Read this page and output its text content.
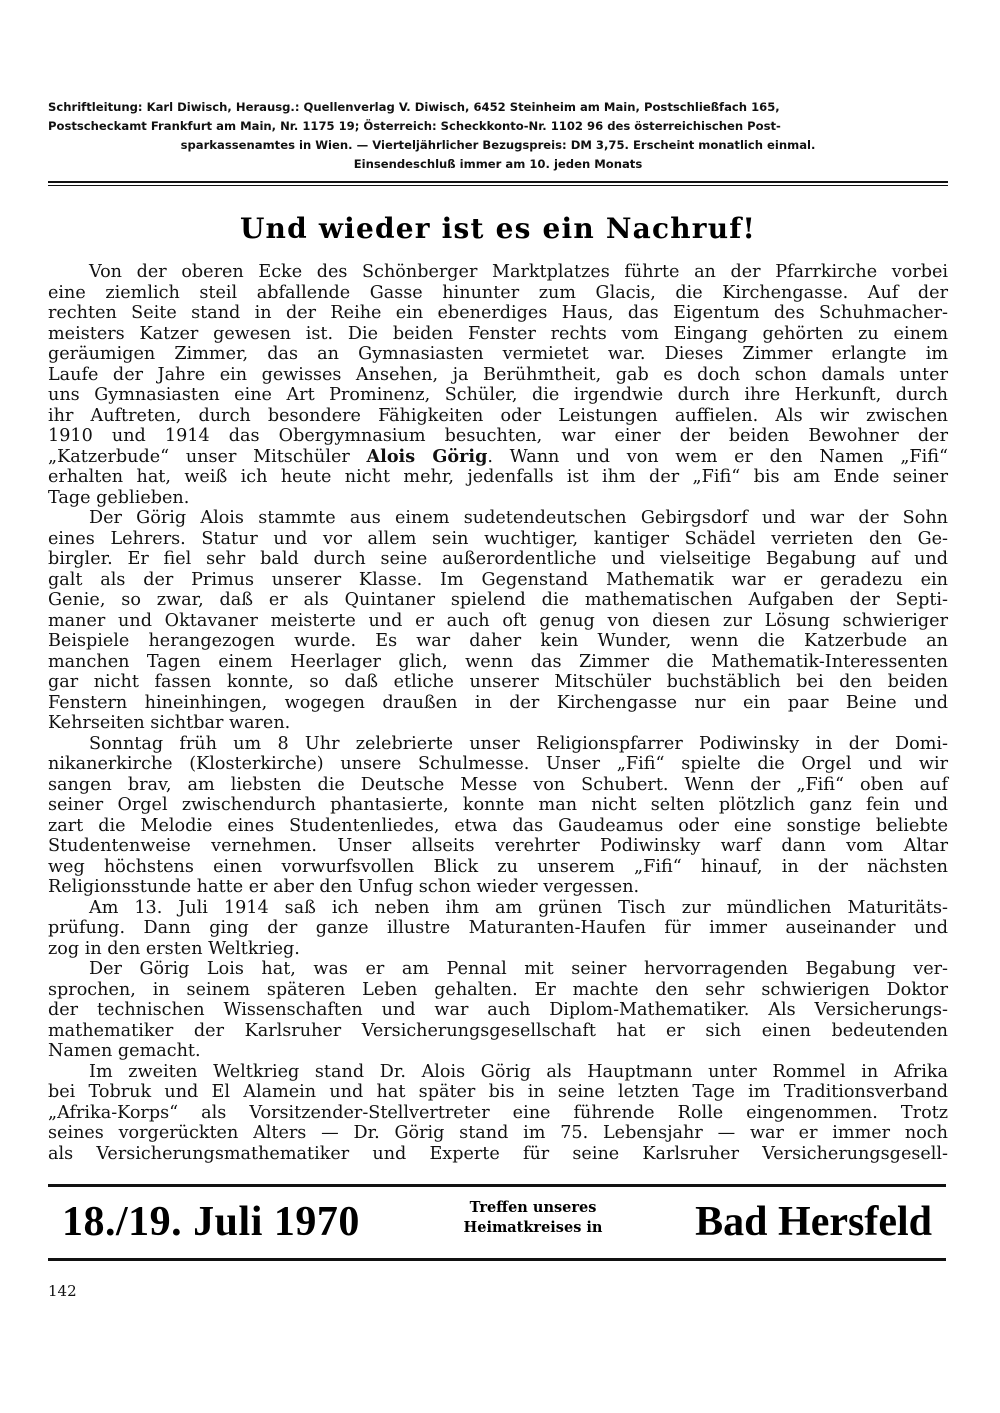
Schriftleitung: Karl Diwisch, Herausg.: Quellenverlag V. Diwisch, 6452 Steinheim am Main, Postschließfach 165,
Postscheckamt Frankfurt am Main, Nr. 1175 19; Österreich: Scheckkonto-Nr. 1102 96 des österreichischen Post-
sparkassenamtes in Wien. — Vierteljährlicher Bezugspreis: DM 3,75. Erscheint monatlich einmal.
Einsendeschluß immer am 10. jeden Monats
Und wieder ist es ein Nachruf!

Von der oberen Ecke des Schönberger Marktplatzes führte an der Pfarrkirche vorbei
eine ziemlich steil abfallende Gasse hinunter zum Glacis, die Kirchengasse. Auf der
rechten Seite stand in der Reihe ein ebenerdiges Haus, das Eigentum des Schuhmacher-
meisters Katzer gewesen ist. Die beiden Fenster rechts vom Eingang gehörten zu einem
geräumigen Zimmer, das an Gymnasiasten vermietet war. Dieses Zimmer erlangte im
Laufe der Jahre ein gewisses Ansehen, ja Berühmtheit, gab es doch schon damals unter
uns Gymnasiasten eine Art Prominenz, Schüler, die irgendwie durch ihre Herkunft, durch
ihr Auftreten, durch besondere Fähigkeiten oder Leistungen auffielen. Als wir zwischen
1910 und 1914 das Obergymnasium besuchten, war einer der beiden Bewohner der
„Katzerbude“ unser Mitschüler Alois Görig. Wann und von wem er den Namen „Fifi“
erhalten hat, weiß ich heute nicht mehr, jedenfalls ist ihm der „Fifi“ bis am Ende seiner
Tage geblieben.

Der Görig Alois stammte aus einem sudetendeutschen Gebirgsdorf und war der Sohn
eines Lehrers. Statur und vor allem sein wuchtiger, kantiger Schädel verrieten den Ge-
birgler. Er fiel sehr bald durch seine außerordentliche und vielseitige Begabung auf und
galt als der Primus unserer Klasse. Im Gegenstand Mathematik war er geradezu ein
Genie, so zwar, daß er als Quintaner spielend die mathematischen Aufgaben der Septi-
maner und Oktavaner meisterte und er auch oft genug von diesen zur Lösung schwieriger
Beispiele herangezogen wurde. Es war daher kein Wunder, wenn die Katzerbude an
manchen Tagen einem Heerlager glich, wenn das Zimmer die Mathematik-Interessenten
gar nicht fassen konnte, so daß etliche unserer Mitschüler buchstäblich bei den beiden
Fenstern hineinhingen, wogegen draußen in der Kirchengasse nur ein paar Beine und
Kehrseiten sichtbar waren.

Sonntag früh um 8 Uhr zelebrierte unser Religionspfarrer Podiwinsky in der Domi-
nikanerkirche (Klosterkirche) unsere Schulmesse. Unser „Fifi“ spielte die Orgel und wir
sangen brav, am liebsten die Deutsche Messe von Schubert. Wenn der „Fifi“ oben auf
seiner Orgel zwischendurch phantasierte, konnte man nicht selten plötzlich ganz fein und
zart die Melodie eines Studentenliedes, etwa das Gaudeamus oder eine sonstige beliebte
Studentenweise vernehmen. Unser allseits verehrter Podiwinsky warf dann vom Altar
weg höchstens einen vorwurfsvollen Blick zu unserem „Fifi“ hinauf, in der nächsten
Religionsstunde hatte er aber den Unfug schon wieder vergessen.

Am 13. Juli 1914 saß ich neben ihm am grünen Tisch zur mündlichen Maturitäts-
prüfung. Dann ging der ganze illustre Maturanten-Haufen für immer auseinander und
zog in den ersten Weltkrieg.

Der Görig Lois hat, was er am Pennal mit seiner hervorragenden Begabung ver-
sprochen, in seinem späteren Leben gehalten. Er machte den sehr schwierigen Doktor
der technischen Wissenschaften und war auch Diplom-Mathematiker. Als Versicherungs-
mathematiker der Karlsruher Versicherungsgesellschaft hat er sich einen bedeutenden
Namen gemacht.

Im zweiten Weltkrieg stand Dr. Alois Görig als Hauptmann unter Rommel in Afrika
bei Tobruk und El Alamein und hat später bis in seine letzten Tage im Traditionsverband
„Afrika-Korps“ als Vorsitzender-Stellvertreter eine führende Rolle eingenommen. Trotz
seines vorgerückten Alters — Dr. Görig stand im 75. Lebensjahr — war er immer noch
als Versicherungsmathematiker und Experte für seine Karlsruher Versicherungsgesell-

18./19. Juli 1970	Treffen unseres
Heimatkreises in	Bad Hersfeld
142
